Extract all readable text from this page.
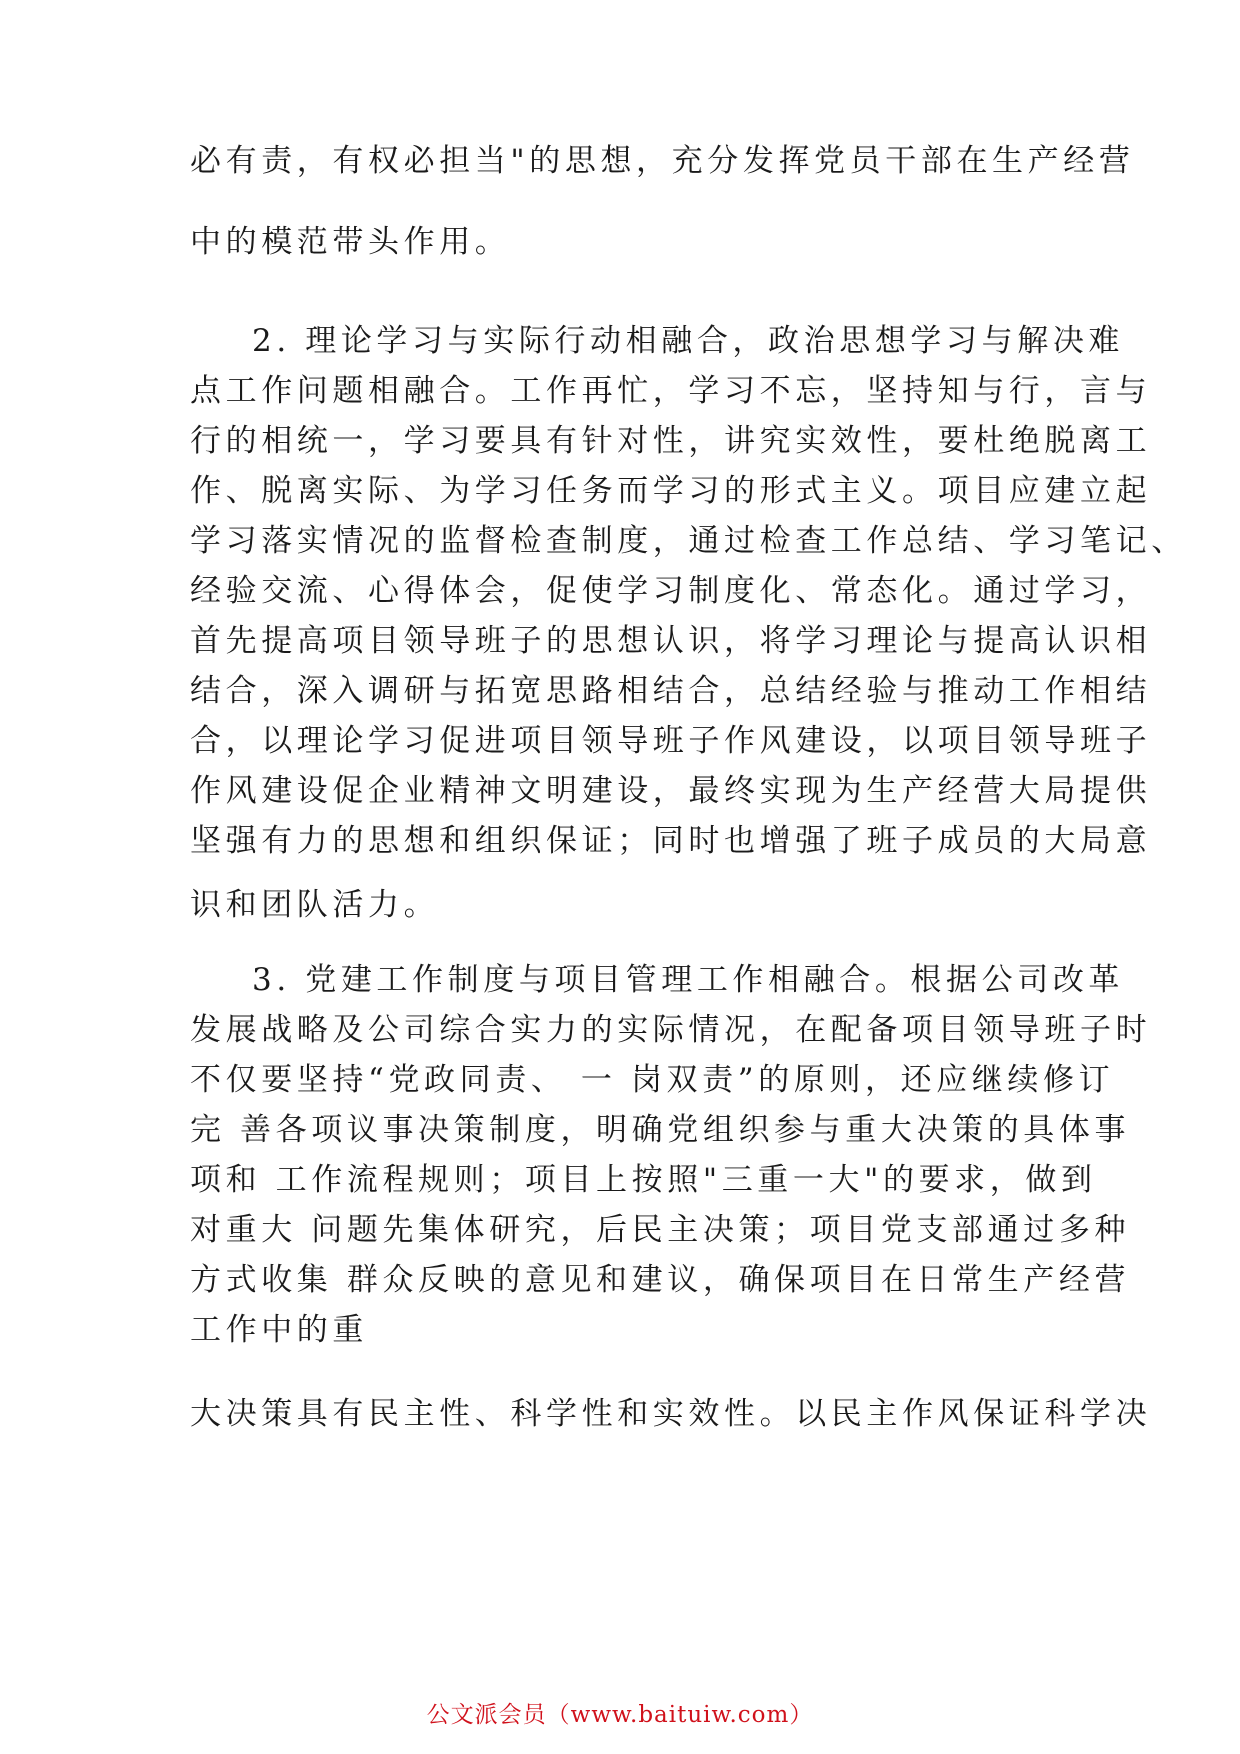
必有责，有权必担当"的思想，充分发挥党员干部在生产经营

中的模范带头作用。

2. 理论学习与实际行动相融合，政治思想学习与解决难

点工作问题相融合。工作再忙，学习不忘，坚持知与行，言与

行的相统一，学习要具有针对性，讲究实效性，要杜绝脱离工

作、脱离实际、为学习任务而学习的形式主义。项目应建立起

学习落实情况的监督检查制度，通过检查工作总结、学习笔记、

经验交流、心得体会，促使学习制度化、常态化。通过学习，

首先提高项目领导班子的思想认识，将学习理论与提高认识相

结合，深入调研与拓宽思路相结合，总结经验与推动工作相结

合，以理论学习促进项目领导班子作风建设，以项目领导班子

作风建设促企业精神文明建设，最终实现为生产经营大局提供

坚强有力的思想和组织保证；同时也增强了班子成员的大局意

识和团队活力。

3. 党建工作制度与项目管理工作相融合。根据公司改革

发展战略及公司综合实力的实际情况，在配备项目领导班子时

不仅要坚持“党政同责、 一 岗双责”的原则，还应继续修订

完 善各项议事决策制度，明确党组织参与重大决策的具体事

项和 工作流程规则；项目上按照"三重一大"的要求，做到

对重大 问题先集体研究，后民主决策；项目党支部通过多种

方式收集 群众反映的意见和建议，确保项目在日常生产经营

工作中的重

大决策具有民主性、科学性和实效性。以民主作风保证科学决

公文派会员（www.baituiw.com）
